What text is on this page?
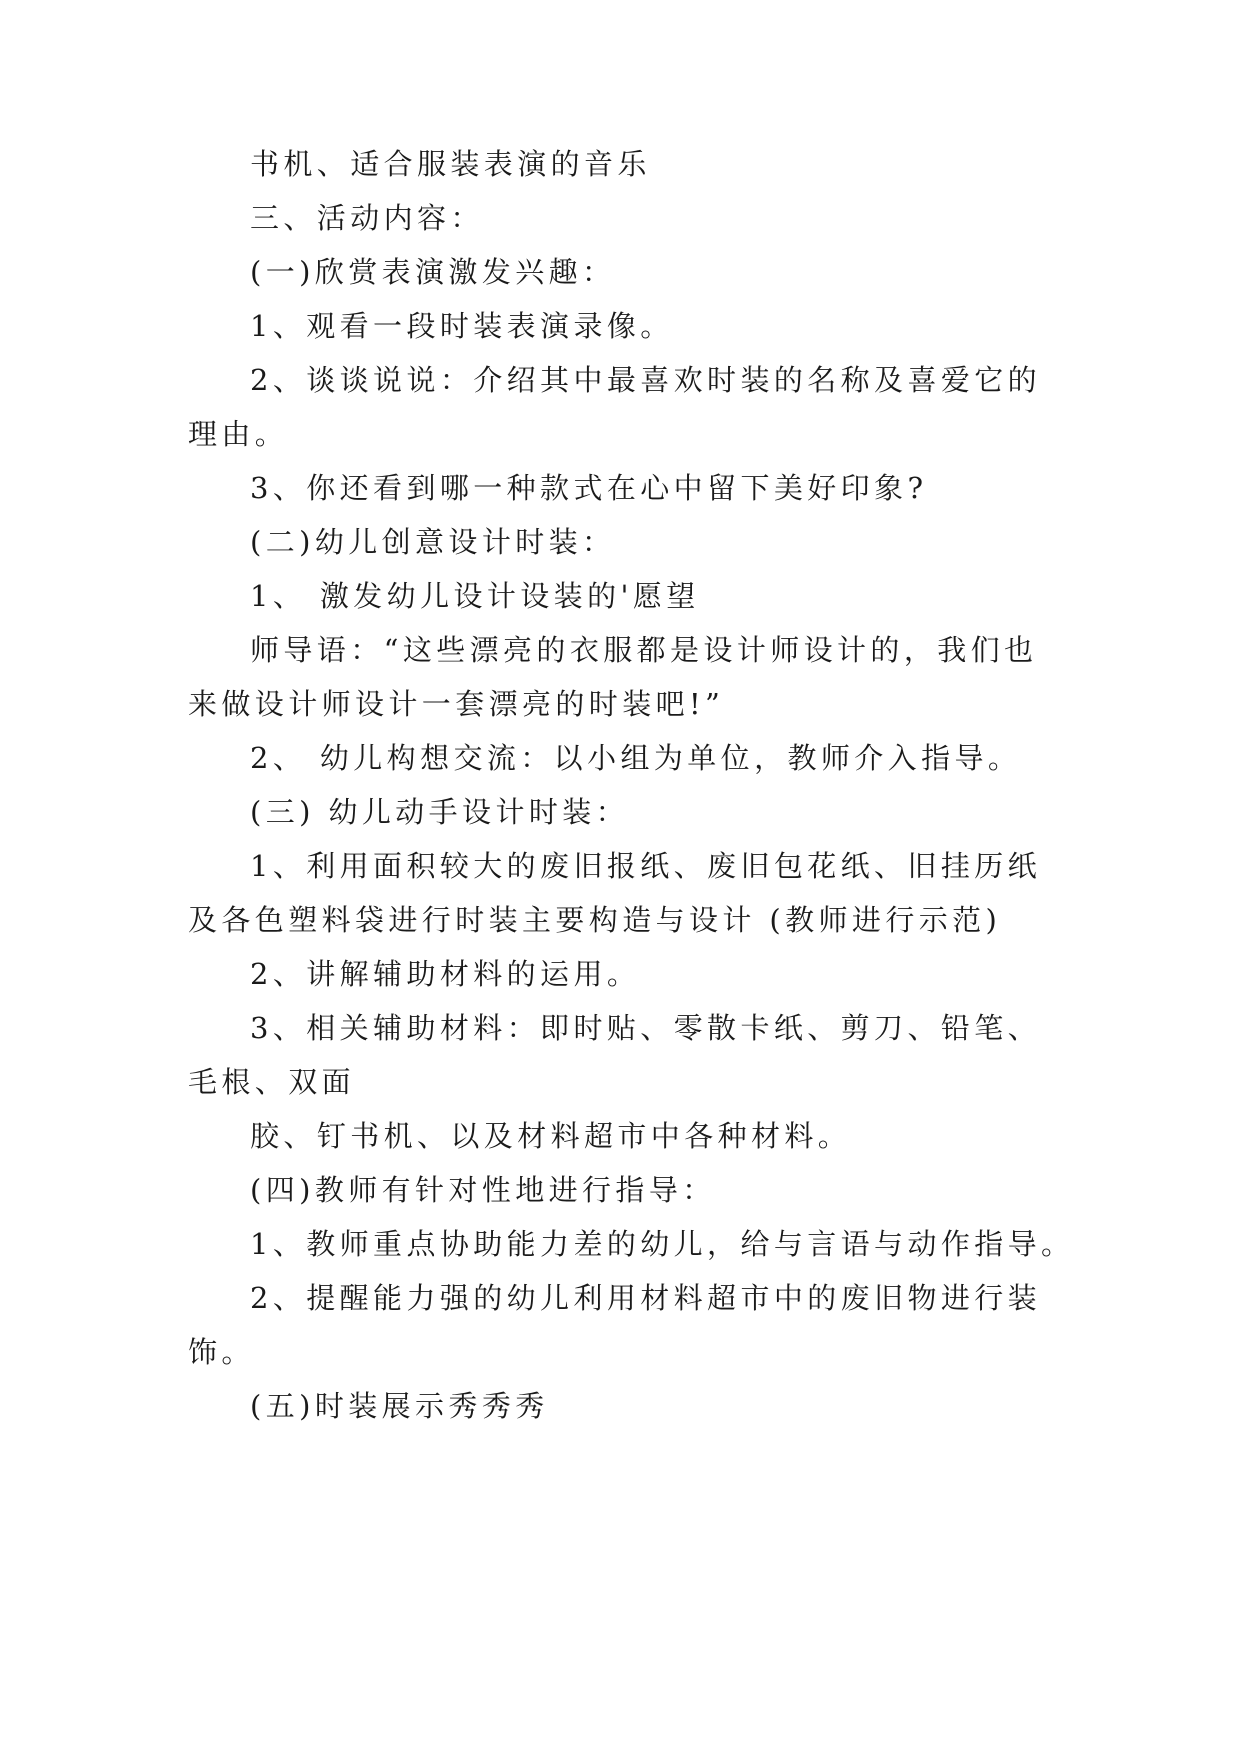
书机、适合服装表演的音乐
三、活动内容：
(一)欣赏表演激发兴趣：
1、观看一段时装表演录像。
2、谈谈说说：介绍其中最喜欢时装的名称及喜爱它的
理由。
3、你还看到哪一种款式在心中留下美好印象?
(二)幼儿创意设计时装：
1、 激发幼儿设计设装的'愿望
师导语：“这些漂亮的衣服都是设计师设计的，我们也
来做设计师设计一套漂亮的时装吧!”
2、 幼儿构想交流：以小组为单位，教师介入指导。
(三) 幼儿动手设计时装：
1、利用面积较大的废旧报纸、废旧包花纸、旧挂历纸
及各色塑料袋进行时装主要构造与设计 (教师进行示范)
2、讲解辅助材料的运用。
3、相关辅助材料：即时贴、零散卡纸、剪刀、铅笔、
毛根、双面
胶、钉书机、以及材料超市中各种材料。
(四)教师有针对性地进行指导：
1、教师重点协助能力差的幼儿，给与言语与动作指导。
2、提醒能力强的幼儿利用材料超市中的废旧物进行装
饰。
(五)时装展示秀秀秀
